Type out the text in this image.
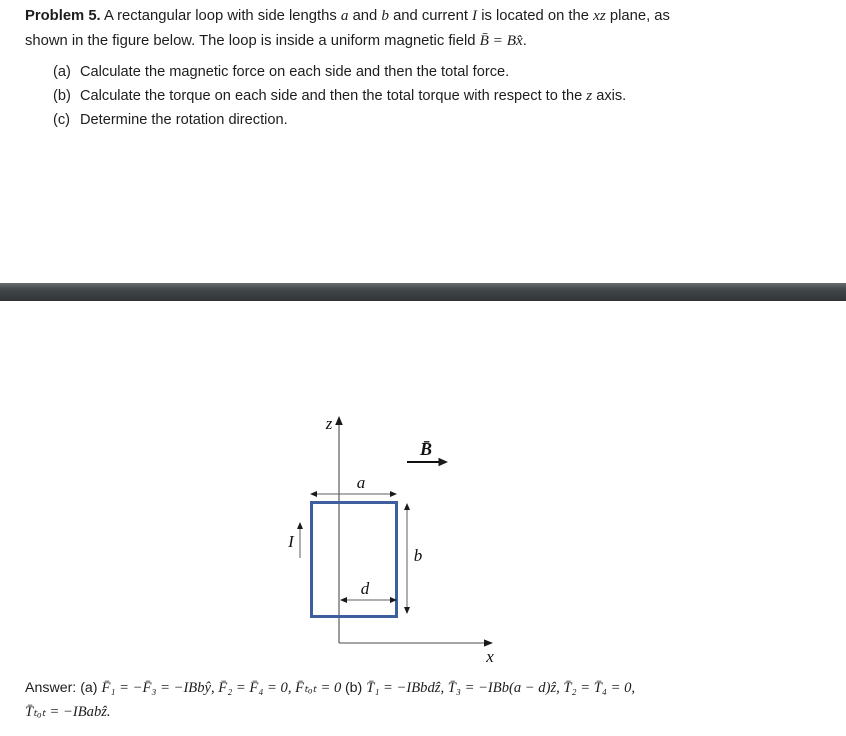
Problem 5. A rectangular loop with side lengths a and b and current I is located on the xz plane, as
shown in the figure below. The loop is inside a uniform magnetic field B̄ = Bx̂.
(a) Calculate the magnetic force on each side and then the total force.
(b) Calculate the torque on each side and then the total torque with respect to the z axis.
(c) Determine the rotation direction.
z
x
a
b
d
I
B̄

Answer: (a) F̄₁ = −F̄₃ = −IBbŷ, F̄₂ = F̄₄ = 0, F̄ₜₒₜ = 0 (b) T̄₁ = −IBbdẑ, T̄₃ = −IBb(a − d)ẑ, T̄₂ = T̄₄ = 0,
T̄ₜₒₜ = −IBabẑ.
